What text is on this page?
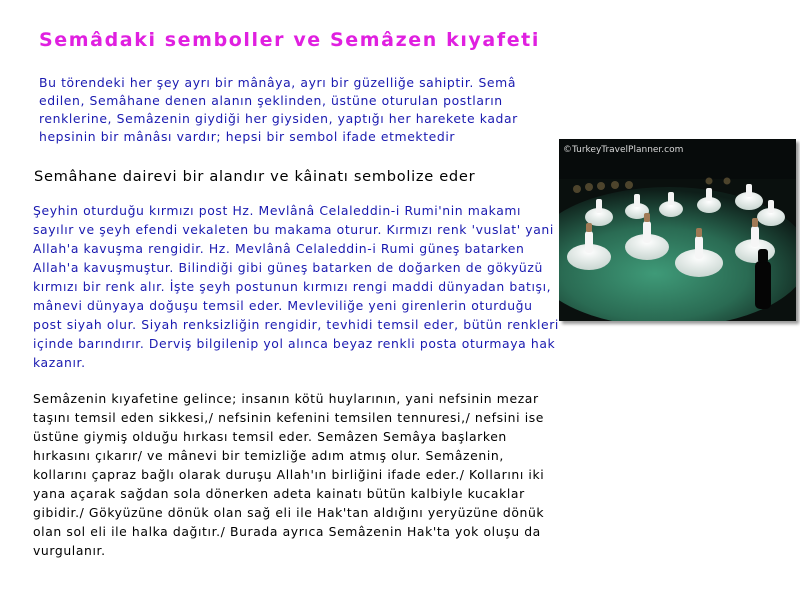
Semâdaki semboller ve Semâzen kıyafeti

Bu törendeki her şey ayrı bir mânâya, ayrı bir güzelliğe sahiptir. Semâ edilen, Semâhane denen alanın şeklinden, üstüne oturulan postların renklerine, Semâzenin giydiği her giysiden, yaptığı her harekete kadar hepsinin bir mânâsı vardır; hepsi bir sembol ifade etmektedir

©TurkeyTravelPlanner.com
Semâhane dairevi bir alandır ve kâinatı sembolize eder

Şeyhin oturduğu kırmızı post Hz. Mevlânâ Celaleddin-i Rumi'nin makamı sayılır ve şeyh efendi vekaleten bu makama oturur. Kırmızı renk 'vuslat' yani Allah'a kavuşma rengidir. Hz. Mevlânâ Celaleddin-i Rumi güneş batarken Allah'a kavuşmuştur. Bilindiği gibi güneş batarken de doğarken de gökyüzü kırmızı bir renk alır. İşte şeyh postunun kırmızı rengi maddi dünyadan batışı, mânevi dünyaya doğuşu temsil eder. Mevleviliğe yeni girenlerin oturduğu post siyah olur. Siyah renksizliğin rengidir, tevhidi temsil eder, bütün renkleri içinde barındırır. Derviş bilgilenip yol alınca beyaz renkli posta oturmaya hak kazanır.

Semâzenin kıyafetine gelince; insanın kötü huylarının, yani nefsinin mezar taşını temsil eden sikkesi,/ nefsinin kefenini temsilen tennuresi,/ nefsini ise üstüne giymiş olduğu hırkası temsil eder. Semâzen Semâya başlarken hırkasını çıkarır/ ve mânevi bir temizliğe adım atmış olur. Semâzenin, kollarını çapraz bağlı olarak duruşu Allah'ın birliğini ifade eder./ Kollarını iki yana açarak sağdan sola dönerken adeta kainatı bütün kalbiyle kucaklar gibidir./ Gökyüzüne dönük olan sağ eli ile Hak'tan aldığını yeryüzüne dönük olan sol eli ile halka dağıtır./ Burada ayrıca Semâzenin Hak'ta yok oluşu da vurgulanır.
